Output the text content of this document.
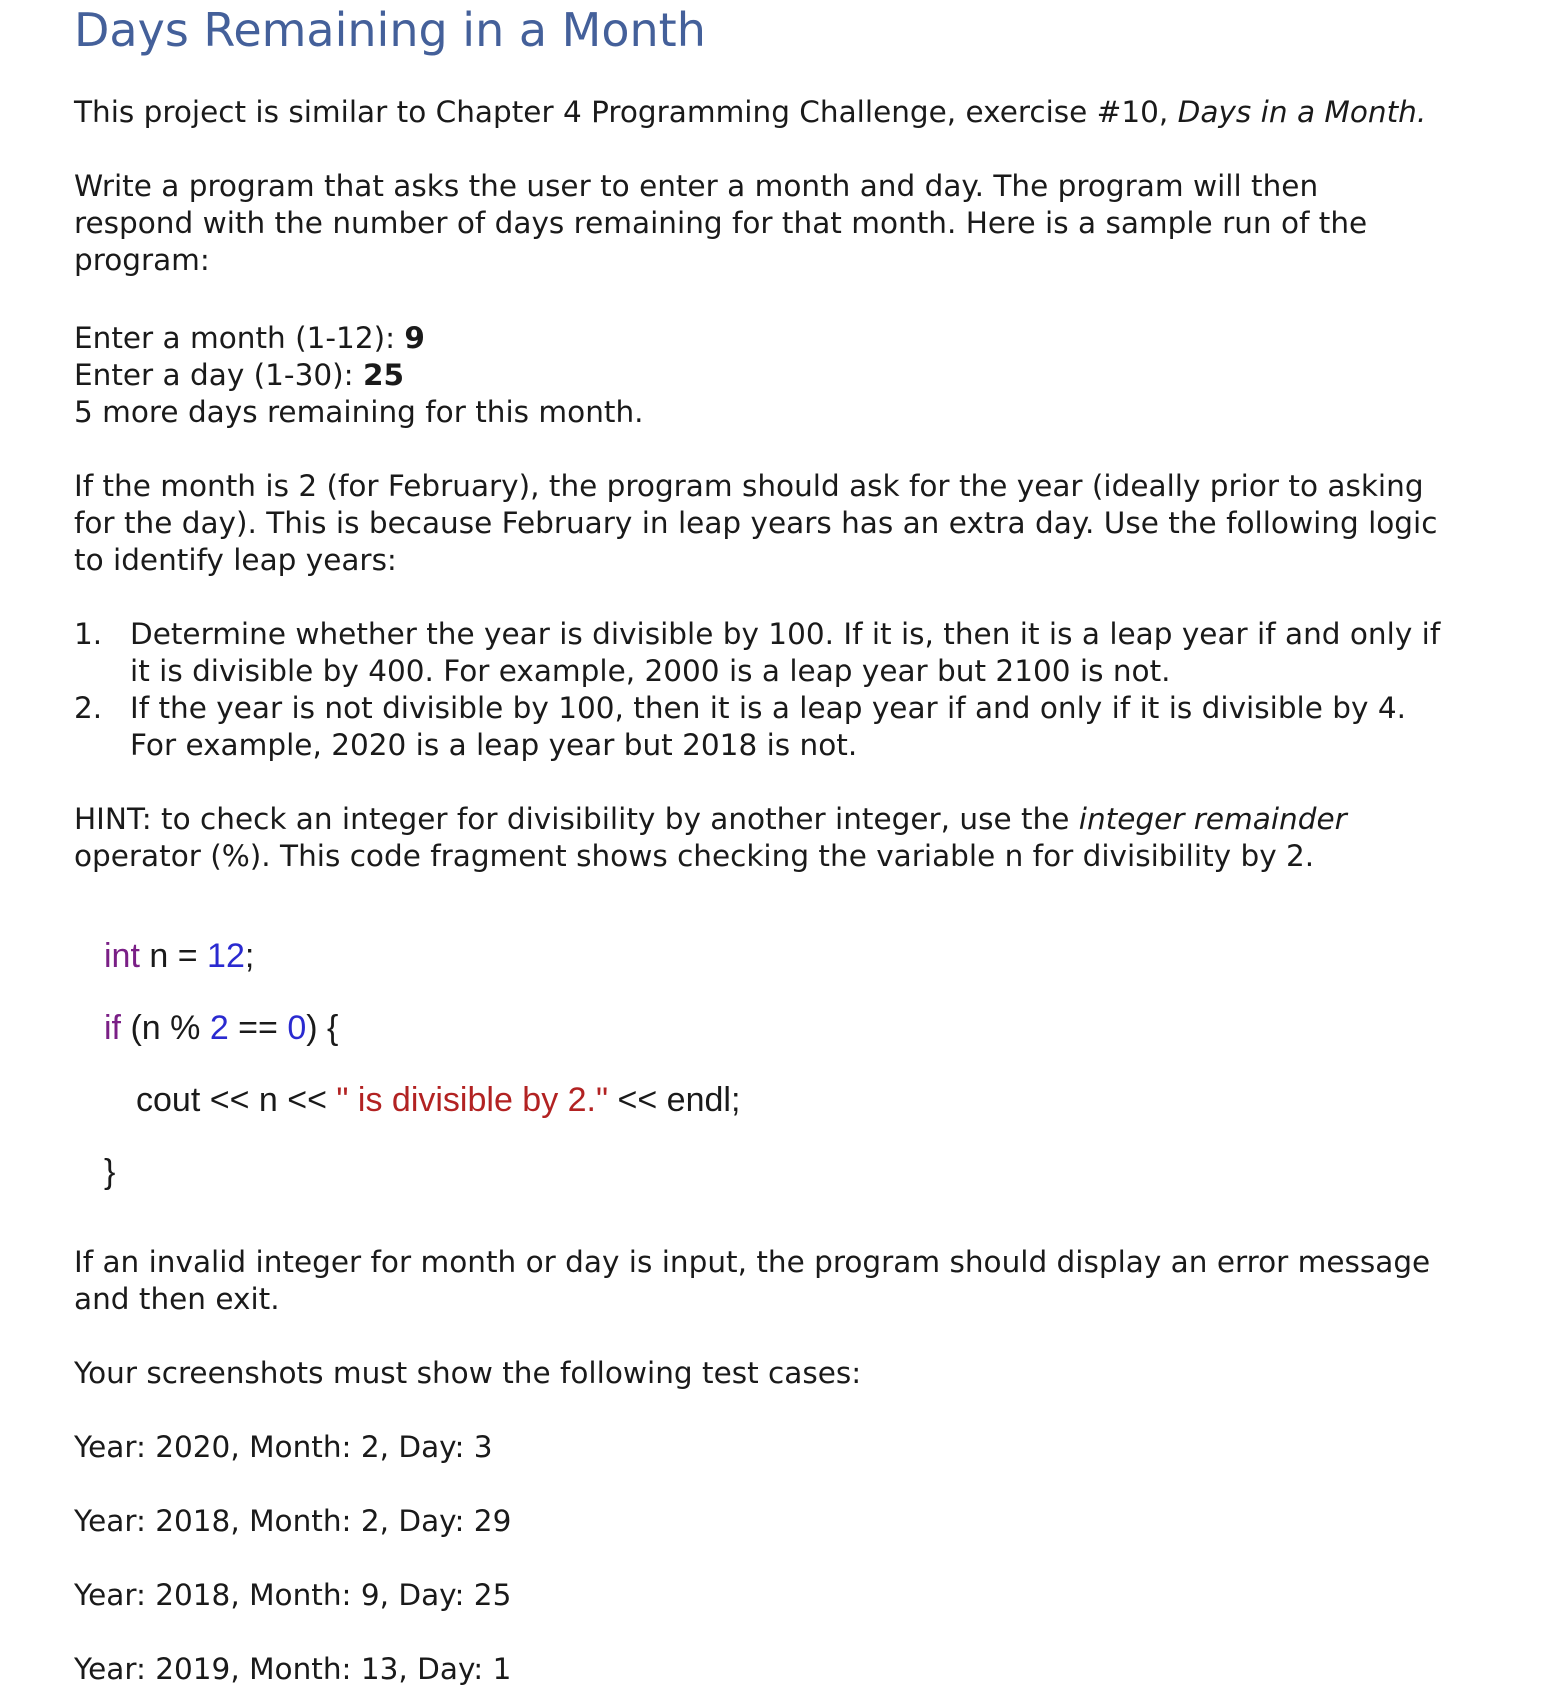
Days Remaining in a Month

This project is similar to Chapter 4 Programming Challenge, exercise #10, Days in a Month.

Write a program that asks the user to enter a month and day. The program will then
respond with the number of days remaining for that month. Here is a sample run of the
program:

Enter a month (1-12): 9
Enter a day (1-30): 25
5 more days remaining for this month.

If the month is 2 (for February), the program should ask for the year (ideally prior to asking
for the day). This is because February in leap years has an extra day. Use the following logic
to identify leap years:

Determine whether the year is divisible by 100. If it is, then it is a leap year if and only if
it is divisible by 400. For example, 2000 is a leap year but 2100 is not.
If the year is not divisible by 100, then it is a leap year if and only if it is divisible by 4.
For example, 2020 is a leap year but 2018 is not.

HINT: to check an integer for divisibility by another integer, use the integer remainder
operator (%). This code fragment shows checking the variable n for divisibility by 2.

int n = 12;
if (n % 2 == 0) {
cout << n << " is divisible by 2." << endl;
}

If an invalid integer for month or day is input, the program should display an error message
and then exit.

Your screenshots must show the following test cases:

Year: 2020, Month: 2, Day: 3

Year: 2018, Month: 2, Day: 29

Year: 2018, Month: 9, Day: 25

Year: 2019, Month: 13, Day: 1
